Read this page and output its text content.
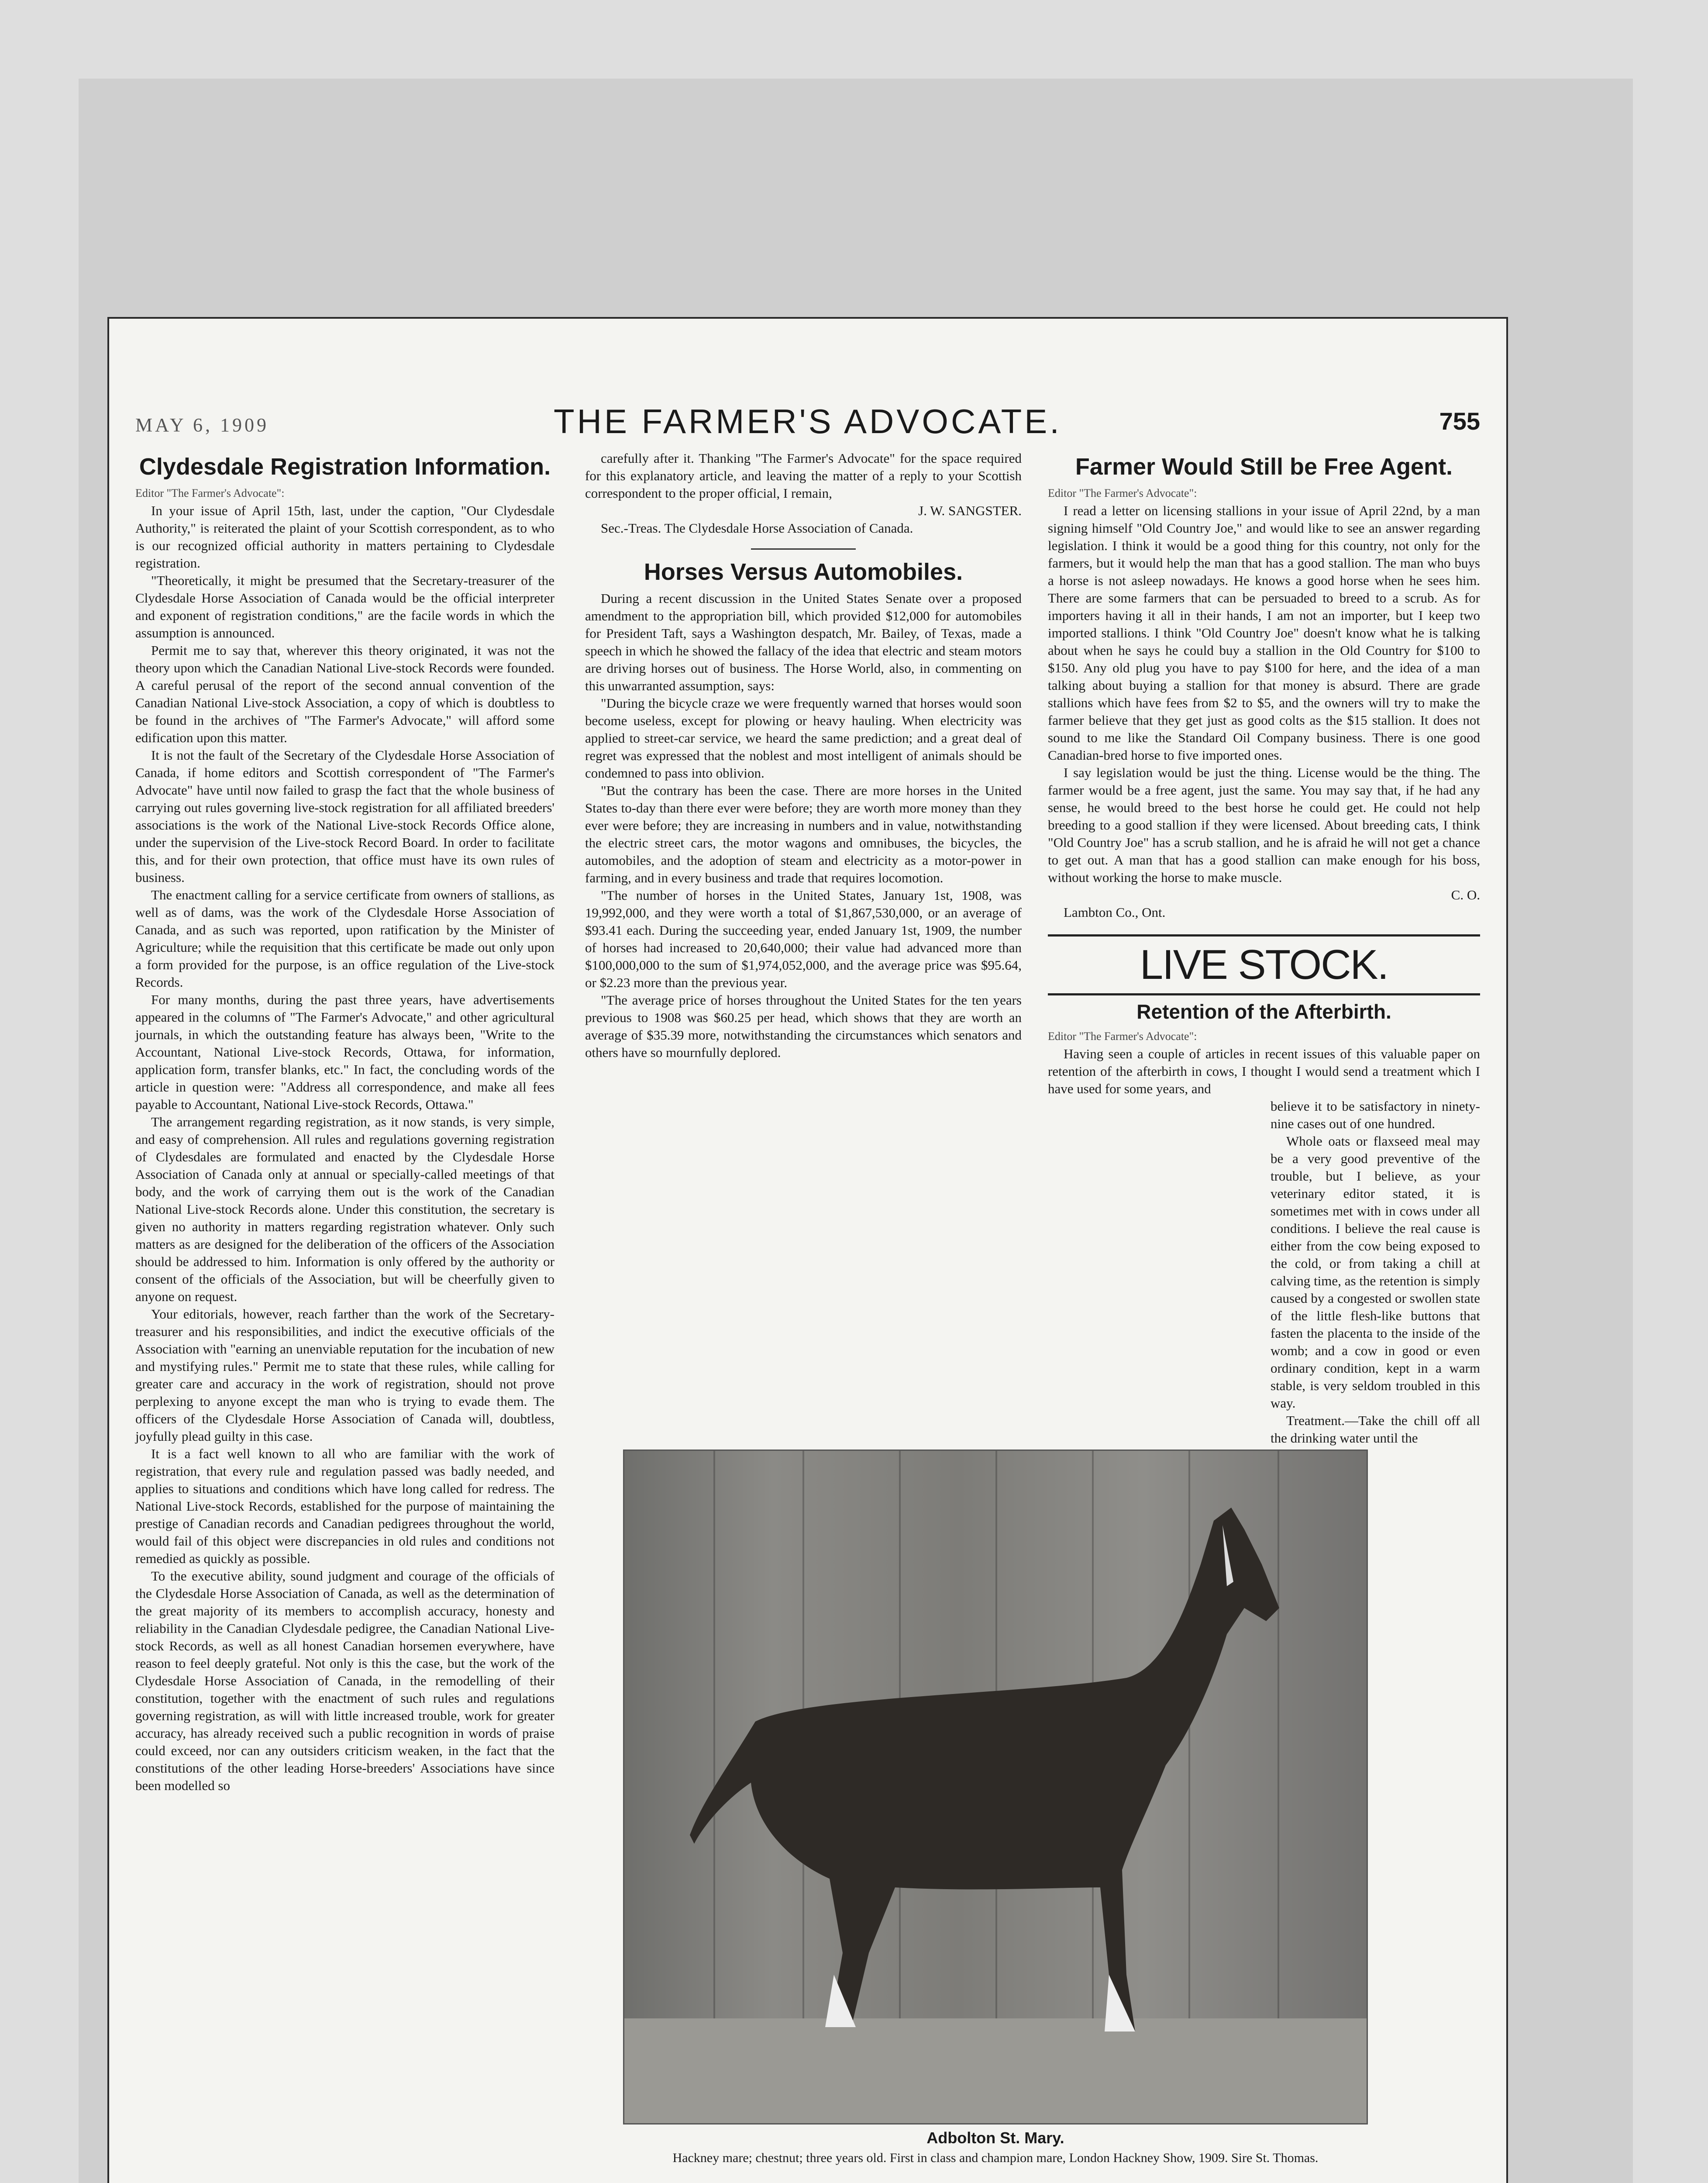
MAY 6, 1909	THE FARMER'S ADVOCATE.	755
Clydesdale Registration Information.

Editor "The Farmer's Advocate":

In your issue of April 15th, last, under the caption, "Our Clydesdale Authority," is reiterated the plaint of your Scottish correspondent, as to who is our recognized official authority in matters pertaining to Clydesdale registration.

"Theoretically, it might be presumed that the Secretary-treasurer of the Clydesdale Horse Association of Canada would be the official interpreter and exponent of registration conditions," are the facile words in which the assumption is announced.

Permit me to say that, wherever this theory originated, it was not the theory upon which the Canadian National Live-stock Records were founded. A careful perusal of the report of the second annual convention of the Canadian National Live-stock Association, a copy of which is doubtless to be found in the archives of "The Farmer's Advocate," will afford some edification upon this matter.

It is not the fault of the Secretary of the Clydesdale Horse Association of Canada, if home editors and Scottish correspondent of "The Farmer's Advocate" have until now failed to grasp the fact that the whole business of carrying out rules governing live-stock registration for all affiliated breeders' associations is the work of the National Live-stock Records Office alone, under the supervision of the Live-stock Record Board. In order to facilitate this, and for their own protection, that office must have its own rules of business.

The enactment calling for a service certificate from owners of stallions, as well as of dams, was the work of the Clydesdale Horse Association of Canada, and as such was reported, upon ratification by the Minister of Agriculture; while the requisition that this certificate be made out only upon a form provided for the purpose, is an office regulation of the Live-stock Records.

For many months, during the past three years, have advertisements appeared in the columns of "The Farmer's Advocate," and other agricultural journals, in which the outstanding feature has always been, "Write to the Accountant, National Live-stock Records, Ottawa, for information, application form, transfer blanks, etc." In fact, the concluding words of the article in question were: "Address all correspondence, and make all fees payable to Accountant, National Live-stock Records, Ottawa."

The arrangement regarding registration, as it now stands, is very simple, and easy of comprehension. All rules and regulations governing registration of Clydesdales are formulated and enacted by the Clydesdale Horse Association of Canada only at annual or specially-called meetings of that body, and the work of carrying them out is the work of the Canadian National Live-stock Records alone. Under this constitution, the secretary is given no authority in matters regarding registration whatever. Only such matters as are designed for the deliberation of the officers of the Association should be addressed to him. Information is only offered by the authority or consent of the officials of the Association, but will be cheerfully given to anyone on request.

Your editorials, however, reach farther than the work of the Secretary-treasurer and his responsibilities, and indict the executive officials of the Association with "earning an unenviable reputation for the incubation of new and mystifying rules." Permit me to state that these rules, while calling for greater care and accuracy in the work of registration, should not prove perplexing to anyone except the man who is trying to evade them. The officers of the Clydesdale Horse Association of Canada will, doubtless, joyfully plead guilty in this case.

It is a fact well known to all who are familiar with the work of registration, that every rule and regulation passed was badly needed, and applies to situations and conditions which have long called for redress. The National Live-stock Records, established for the purpose of maintaining the prestige of Canadian records and Canadian pedigrees throughout the world, would fail of this object were discrepancies in old rules and conditions not remedied as quickly as possible.

To the executive ability, sound judgment and courage of the officials of the Clydesdale Horse Association of Canada, as well as the determination of the great majority of its members to accomplish accuracy, honesty and reliability in the Canadian Clydesdale pedigree, the Canadian National Live-stock Records, as well as all honest Canadian horsemen everywhere, have reason to feel deeply grateful. Not only is this the case, but the work of the Clydesdale Horse Association of Canada, in the remodelling of their constitution, together with the enactment of such rules and regulations governing registration, as will with little increased trouble, work for greater accuracy, has already received such a public recognition in words of praise could exceed, nor can any outsiders criticism weaken, in the fact that the constitutions of the other leading Horse-breeders' Associations have since been modelled so

carefully after it. Thanking "The Farmer's Advocate" for the space required for this explanatory article, and leaving the matter of a reply to your Scottish correspondent to the proper official, I remain,

J. W. SANGSTER.

Sec.-Treas. The Clydesdale Horse Association of Canada.

Horses Versus Automobiles.

During a recent discussion in the United States Senate over a proposed amendment to the appropriation bill, which provided $12,000 for automobiles for President Taft, says a Washington despatch, Mr. Bailey, of Texas, made a speech in which he showed the fallacy of the idea that electric and steam motors are driving horses out of business. The Horse World, also, in commenting on this unwarranted assumption, says:

"During the bicycle craze we were frequently warned that horses would soon become useless, except for plowing or heavy hauling. When electricity was applied to street-car service, we heard the same prediction; and a great deal of regret was expressed that the noblest and most intelligent of animals should be condemned to pass into oblivion.

"But the contrary has been the case. There are more horses in the United States to-day than there ever were before; they are worth more money than they ever were before; they are increasing in numbers and in value, notwithstanding the electric street cars, the motor wagons and omnibuses, the bicycles, the automobiles, and the adoption of steam and electricity as a motor-power in farming, and in every business and trade that requires locomotion.

"The number of horses in the United States, January 1st, 1908, was 19,992,000, and they were worth a total of $1,867,530,000, or an average of $93.41 each. During the succeeding year, ended January 1st, 1909, the number of horses had increased to 20,640,000; their value had advanced more than $100,000,000 to the sum of $1,974,052,000, and the average price was $95.64, or $2.23 more than the previous year.

"The average price of horses throughout the United States for the ten years previous to 1908 was $60.25 per head, which shows that they are worth an average of $35.39 more, notwithstanding the circumstances which senators and others have so mournfully deplored.

Farmer Would Still be Free Agent.

Editor "The Farmer's Advocate":

I read a letter on licensing stallions in your issue of April 22nd, by a man signing himself "Old Country Joe," and would like to see an answer regarding legislation. I think it would be a good thing for this country, not only for the farmers, but it would help the man that has a good stallion. The man who buys a horse is not asleep nowadays. He knows a good horse when he sees him. There are some farmers that can be persuaded to breed to a scrub. As for importers having it all in their hands, I am not an importer, but I keep two imported stallions. I think "Old Country Joe" doesn't know what he is talking about when he says he could buy a stallion in the Old Country for $100 to $150. Any old plug you have to pay $100 for here, and the idea of a man talking about buying a stallion for that money is absurd. There are grade stallions which have fees from $2 to $5, and the owners will try to make the farmer believe that they get just as good colts as the $15 stallion. It does not sound to me like the Standard Oil Company business. There is one good Canadian-bred horse to five imported ones.

I say legislation would be just the thing. License would be the thing. The farmer would be a free agent, just the same. You may say that, if he had any sense, he would breed to the best horse he could get. He could not help breeding to a good stallion if they were licensed. About breeding cats, I think "Old Country Joe" has a scrub stallion, and he is afraid he will not get a chance to get out. A man that has a good stallion can make enough for his boss, without working the horse to make muscle.

C. O.

Lambton Co., Ont.

LIVE STOCK.
Retention of the Afterbirth.

Editor "The Farmer's Advocate":

Having seen a couple of articles in recent issues of this valuable paper on retention of the afterbirth in cows, I thought I would send a treatment which I have used for some years, and

believe it to be satisfactory in ninety-nine cases out of one hundred.

Whole oats or flaxseed meal may be a very good preventive of the trouble, but I believe, as your veterinary editor stated, it is sometimes met with in cows under all conditions. I believe the real cause is either from the cow being exposed to the cold, or from taking a chill at calving time, as the retention is simply caused by a congested or swollen state of the little flesh-like buttons that fasten the placenta to the inside of the womb; and a cow in good or even ordinary condition, kept in a warm stable, is very seldom troubled in this way.

Treatment.—Take the chill off all the drinking water until the

Adbolton St. Mary.
Hackney mare; chestnut; three years old. First in class and champion mare, London Hackney Show, 1909. Sire St. Thomas.
